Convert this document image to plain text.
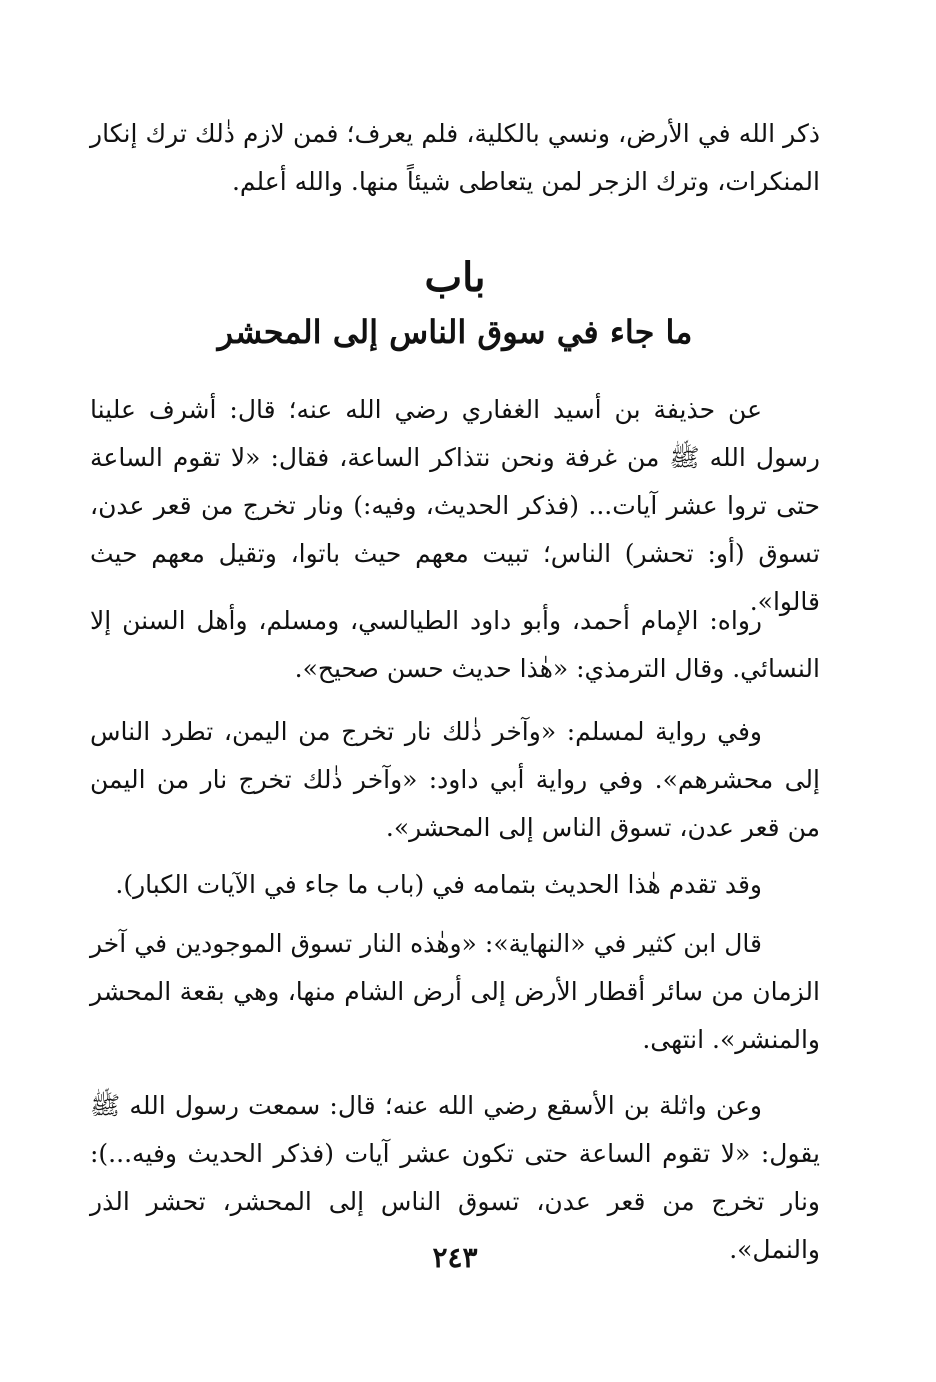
ذكر الله في الأرض، ونسي بالكلية، فلم يعرف؛ فمن لازم ذٰلك ترك إنكار المنكرات، وترك الزجر لمن يتعاطى شيئاً منها. والله أعلم.
باب
ما جاء في سوق الناس إلى المحشر
عن حذيفة بن أسيد الغفاري رضي الله عنه؛ قال: أشرف علينا رسول الله ﷺ من غرفة ونحن نتذاكر الساعة، فقال: «لا تقوم الساعة حتى تروا عشر آيات... (فذكر الحديث، وفيه:) ونار تخرج من قعر عدن، تسوق (أو: تحشر) الناس؛ تبيت معهم حيث باتوا، وتقيل معهم حيث قالوا».
رواه: الإمام أحمد، وأبو داود الطيالسي، ومسلم، وأهل السنن إلا النسائي. وقال الترمذي: «هٰذا حديث حسن صحيح».
وفي رواية لمسلم: «وآخر ذٰلك نار تخرج من اليمن، تطرد الناس إلى محشرهم». وفي رواية أبي داود: «وآخر ذٰلك تخرج نار من اليمن من قعر عدن، تسوق الناس إلى المحشر».
وقد تقدم هٰذا الحديث بتمامه في (باب ما جاء في الآيات الكبار).
قال ابن كثير في «النهاية»: «وهٰذه النار تسوق الموجودين في آخر الزمان من سائر أقطار الأرض إلى أرض الشام منها، وهي بقعة المحشر والمنشر». انتهى.
وعن واثلة بن الأسقع رضي الله عنه؛ قال: سمعت رسول الله ﷺ يقول: «لا تقوم الساعة حتى تكون عشر آيات (فذكر الحديث وفيه...): ونار تخرج من قعر عدن، تسوق الناس إلى المحشر، تحشر الذر والنمل».
٢٤٣
